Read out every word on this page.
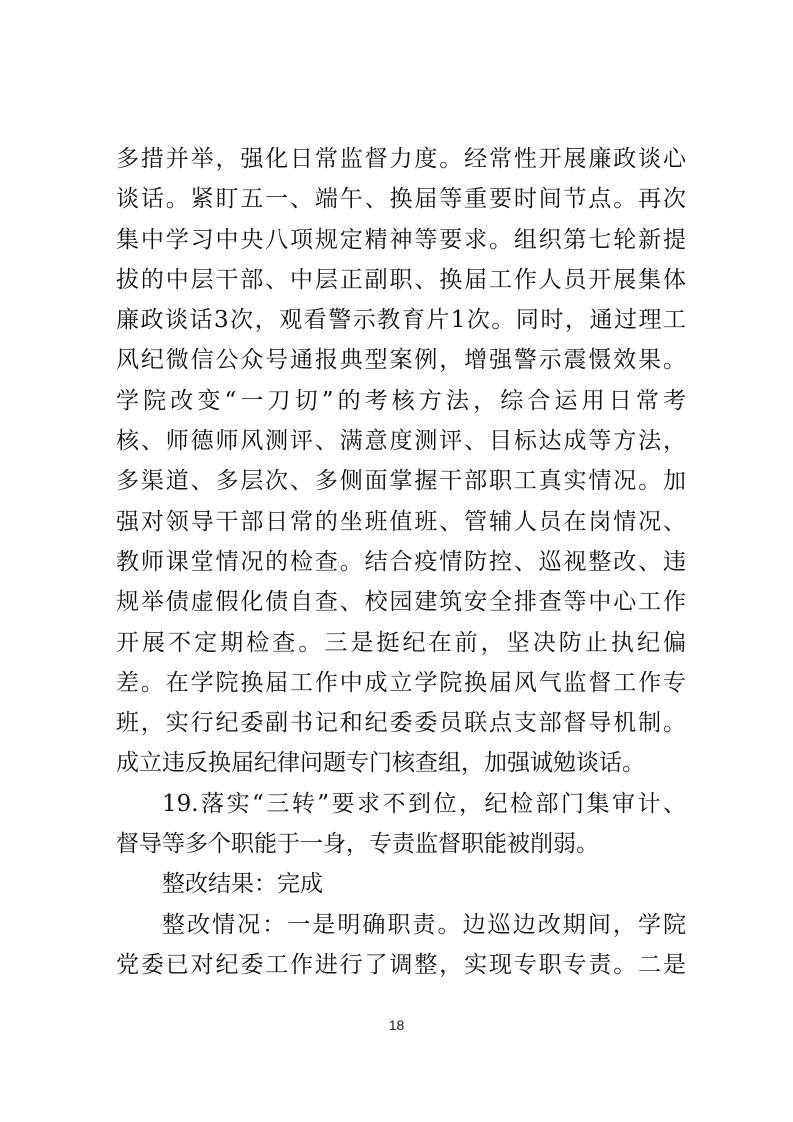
多措并举，强化日常监督力度。经常性开展廉政谈心
谈话。紧盯五一、端午、换届等重要时间节点。再次
集中学习中央八项规定精神等要求。组织第七轮新提
拔的中层干部、中层正副职、换届工作人员开展集体
廉政谈话3次，观看警示教育片1次。同时，通过理工
风纪微信公众号通报典型案例，增强警示震慑效果。
学院改变“一刀切”的考核方法，综合运用日常考
核、师德师风测评、满意度测评、目标达成等方法，
多渠道、多层次、多侧面掌握干部职工真实情况。加
强对领导干部日常的坐班值班、管辅人员在岗情况、
教师课堂情况的检查。结合疫情防控、巡视整改、违
规举债虚假化债自查、校园建筑安全排查等中心工作
开展不定期检查。三是挺纪在前，坚决防止执纪偏
差。在学院换届工作中成立学院换届风气监督工作专
班，实行纪委副书记和纪委委员联点支部督导机制。
成立违反换届纪律问题专门核查组，加强诚勉谈话。
19.落实“三转”要求不到位，纪检部门集审计、
督导等多个职能于一身，专责监督职能被削弱。
整改结果：完成
整改情况：一是明确职责。边巡边改期间，学院
党委已对纪委工作进行了调整，实现专职专责。二是
18
